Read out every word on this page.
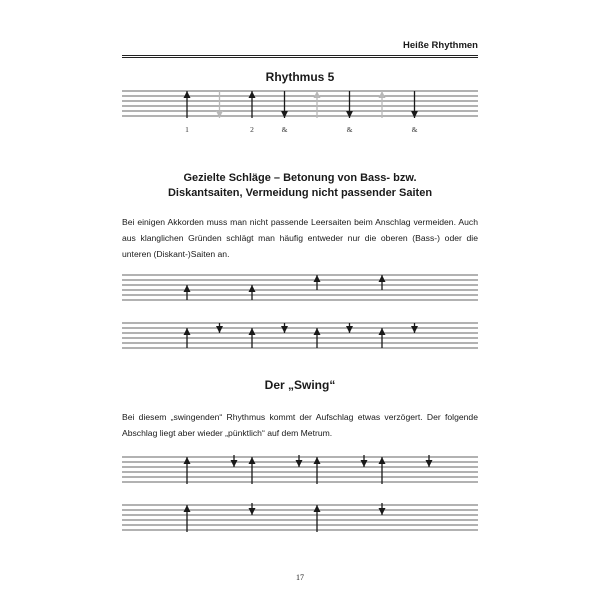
Heiße Rhythmen
Rhythmus 5
1	2	&	&	&
Gezielte Schläge – Betonung von Bass- bzw.
Diskantsaiten, Vermeidung nicht passender Saiten
Bei einigen Akkorden muss man nicht passende Leersaiten beim Anschlag vermeiden. Auch aus klanglichen Gründen schlägt man häufig entweder nur die oberen (Bass-) oder die unteren (Diskant-)Saiten an.
Der „Swing“
Bei diesem „swingenden“ Rhythmus kommt der Aufschlag etwas verzögert. Der folgende Abschlag liegt aber wieder „pünktlich“ auf dem Metrum.
17
